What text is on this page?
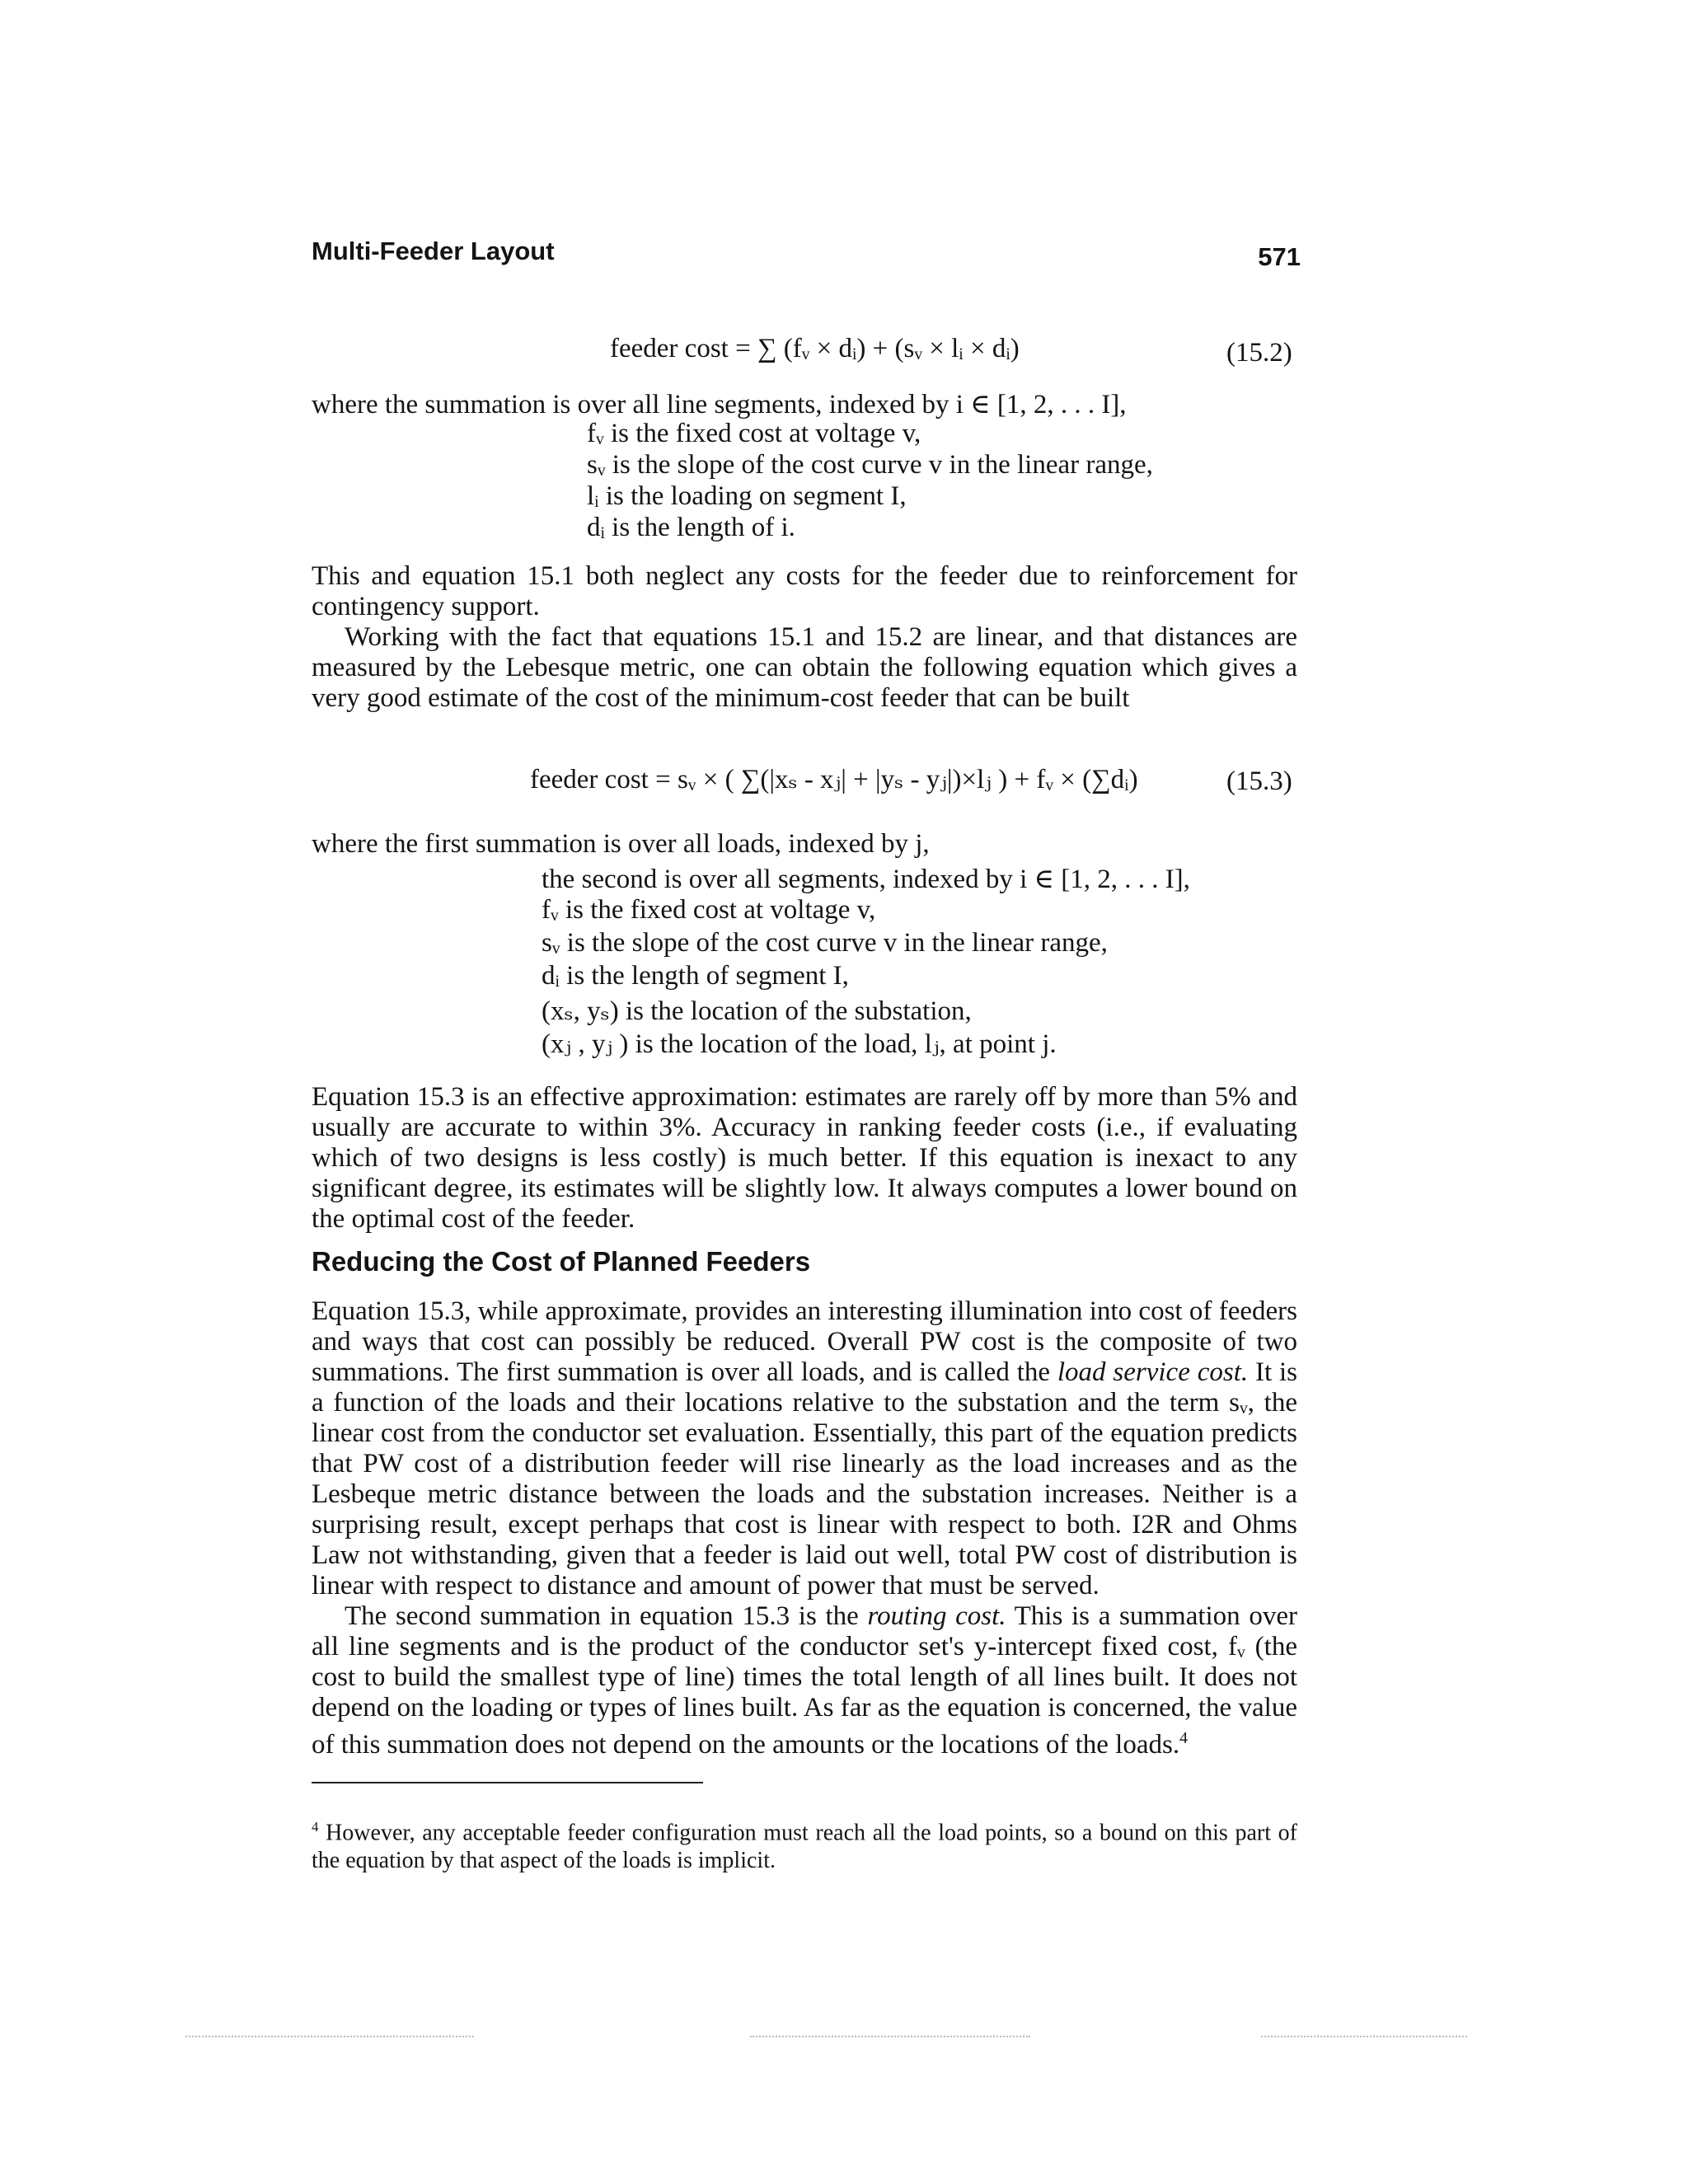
Multi-Feeder Layout	571
feeder cost = ∑ (fᵥ × dᵢ) + (sᵥ × lᵢ × dᵢ)	(15.2)
where the summation is over all line segments, indexed by i ∈ [1, 2, . . . I],
fᵥ is the fixed cost at voltage v,
sᵥ is the slope of the cost curve v in the linear range,
lᵢ is the loading on segment I,
dᵢ is the length of i.

This and equation 15.1 both neglect any costs for the feeder due to reinforcement for contingency support.

Working with the fact that equations 15.1 and 15.2 are linear, and that distances are measured by the Lebesque metric, one can obtain the following equation which gives a very good estimate of the cost of the minimum-cost feeder that can be built

feeder cost = sᵥ × ( ∑(|xₛ - xⱼ| + |yₛ - yⱼ|)×lⱼ ) + fᵥ × (∑dᵢ)	(15.3)
where the first summation is over all loads, indexed by j,
the second is over all segments, indexed by i ∈ [1, 2, . . . I],
fᵥ is the fixed cost at voltage v,
sᵥ is the slope of the cost curve v in the linear range,
dᵢ is the length of segment I,
(xₛ, yₛ) is the location of the substation,
(xⱼ , yⱼ ) is the location of the load, lⱼ, at point j.

Equation 15.3 is an effective approximation: estimates are rarely off by more than 5% and usually are accurate to within 3%. Accuracy in ranking feeder costs (i.e., if evaluating which of two designs is less costly) is much better. If this equation is inexact to any significant degree, its estimates will be slightly low. It always computes a lower bound on the optimal cost of the feeder.

Reducing the Cost of Planned Feeders

Equation 15.3, while approximate, provides an interesting illumination into cost of feeders and ways that cost can possibly be reduced. Overall PW cost is the composite of two summations. The first summation is over all loads, and is called the load service cost. It is a function of the loads and their locations relative to the substation and the term sᵥ, the linear cost from the conductor set evaluation. Essentially, this part of the equation predicts that PW cost of a distribution feeder will rise linearly as the load increases and as the Lesbeque metric distance between the loads and the substation increases. Neither is a surprising result, except perhaps that cost is linear with respect to both. I2R and Ohms Law not withstanding, given that a feeder is laid out well, total PW cost of distribution is linear with respect to distance and amount of power that must be served.

The second summation in equation 15.3 is the routing cost. This is a summation over all line segments and is the product of the conductor set's y-intercept fixed cost, fᵥ (the cost to build the smallest type of line) times the total length of all lines built. It does not depend on the loading or types of lines built. As far as the equation is concerned, the value of this summation does not depend on the amounts or the locations of the loads.$^4$

$^4$ However, any acceptable feeder configuration must reach all the load points, so a bound on this part of the equation by that aspect of the loads is implicit.
